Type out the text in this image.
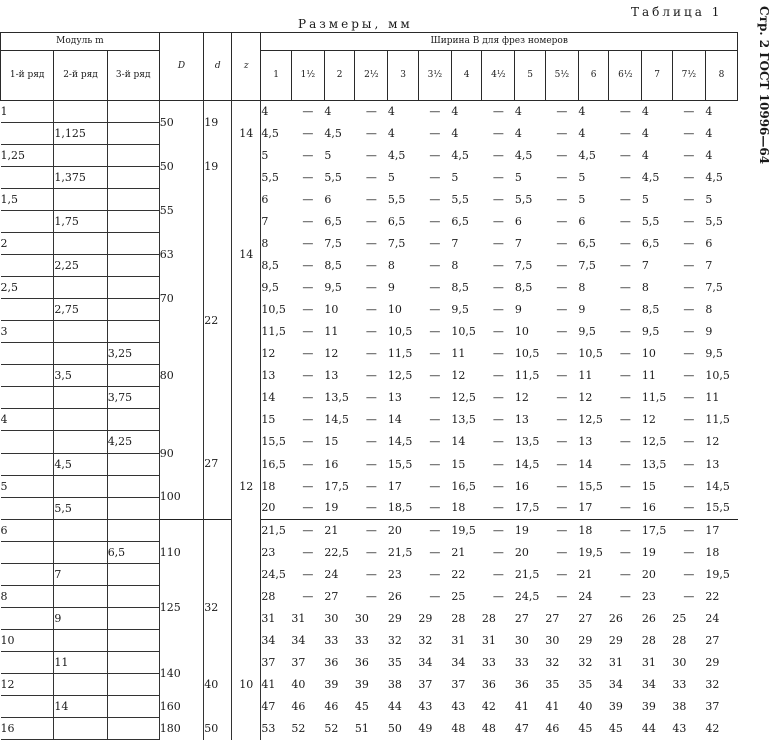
Размеры, мм
Таблица 1	Стр. 2 ГОСТ 10996—64
Модуль m			D	d	z	Ширина B для фрез номеров														
1-й ряд	2-й ряд	3-й ряд				1	1½	2	2½	3	3½	4	4½	5	5½	6	6½	7	7½	8
1			50	19	14	4	—	4	—	4	—	4	—	4	—	4	—	4	—	4
	1,125					4,5	—	4,5	—	4	—	4	—	4	—	4	—	4	—	4
1,25			50	19		5	—	5	—	4,5	—	4,5	—	4,5	—	4,5	—	4	—	4
	1,375				14	5,5	—	5,5	—	5	—	5	—	5	—	5	—	4,5	—	4,5
1,5			55			6	—	6	—	5,5	—	5,5	—	5,5	—	5	—	5	—	5
	1,75					7	—	6,5	—	6,5	—	6,5	—	6	—	6	—	5,5	—	5,5
2			63	22		8	—	7,5	—	7,5	—	7	—	7	—	6,5	—	6,5	—	6
	2,25					8,5	—	8,5	—	8	—	8	—	7,5	—	7,5	—	7	—	7
2,5			70			9,5	—	9,5	—	9	—	8,5	—	8,5	—	8	—	8	—	7,5
	2,75					10,5	—	10	—	10	—	9,5	—	9	—	9	—	8,5	—	8
3			80			11,5	—	11	—	10,5	—	10,5	—	10	—	9,5	—	9,5	—	9
		3,25			12	12	—	12	—	11,5	—	11	—	10,5	—	10,5	—	10	—	9,5
	3,5					13	—	13	—	12,5	—	12	—	11,5	—	11	—	11	—	10,5
		3,75				14	—	13,5	—	13	—	12,5	—	12	—	12	—	11,5	—	11
4				27		15	—	14,5	—	14	—	13,5	—	13	—	12,5	—	12	—	11,5
		4,25	90			15,5	—	15	—	14,5	—	14	—	13,5	—	13	—	12,5	—	12
	4,5					16,5	—	16	—	15,5	—	15	—	14,5	—	14	—	13,5	—	13
5			100			18	—	17,5	—	17	—	16,5	—	16	—	15,5	—	15	—	14,5
	5,5					20	—	19	—	18,5	—	18	—	17,5	—	17	—	16	—	15,5
6			110			21,5	—	21	—	20	—	19,5	—	19	—	18	—	17,5	—	17
		6,5				23	—	22,5	—	21,5	—	21	—	20	—	19,5	—	19	—	18
	7			32		24,5	—	24	—	23	—	22	—	21,5	—	21	—	20	—	19,5
8			125			28	—	27	—	26	—	25	—	24,5	—	24	—	23	—	22
	9					31	31	30	30	29	29	28	28	27	27	27	26	26	25	24
10					10	34	34	33	33	32	32	31	31	30	30	29	29	28	28	27
	11		140	40		37	37	36	36	35	34	34	33	33	32	32	31	31	30	29
12						41	40	39	39	38	37	37	36	36	35	35	34	34	33	32
	14		160			47	46	46	45	44	43	43	42	41	41	40	39	39	38	37
16			180	50		53	52	52	51	50	49	48	48	47	46	45	45	44	43	42
